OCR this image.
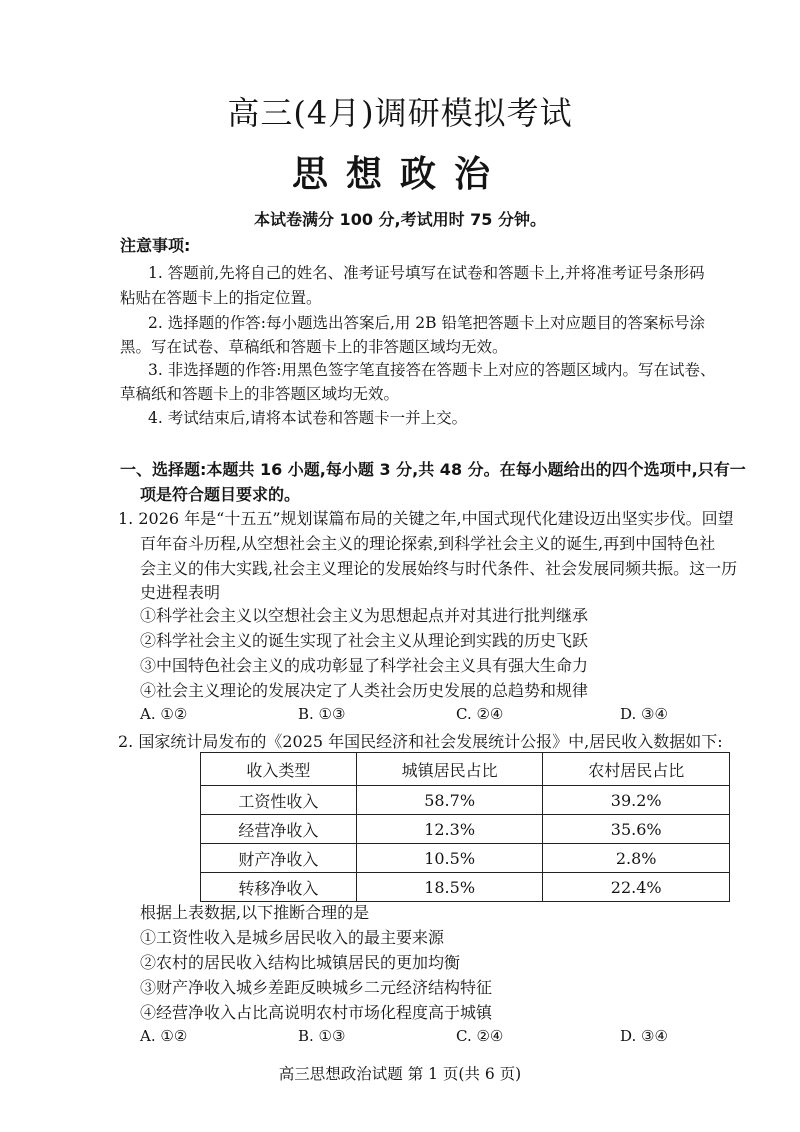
高三(4月)调研模拟考试
思想政治
本试卷满分 100 分,考试用时 75 分钟。
注意事项:
1. 答题前,先将自己的姓名、准考证号填写在试卷和答题卡上,并将准考证号条形码
粘贴在答题卡上的指定位置。
2. 选择题的作答:每小题选出答案后,用 2B 铅笔把答题卡上对应题目的答案标号涂
黑。写在试卷、草稿纸和答题卡上的非答题区域均无效。
3. 非选择题的作答:用黑色签字笔直接答在答题卡上对应的答题区域内。写在试卷、
草稿纸和答题卡上的非答题区域均无效。
4. 考试结束后,请将本试卷和答题卡一并上交。
一、选择题:本题共 16 小题,每小题 3 分,共 48 分。在每小题给出的四个选项中,只有一
项是符合题目要求的。
1. 2026 年是“十五五”规划谋篇布局的关键之年,中国式现代化建设迈出坚实步伐。回望
百年奋斗历程,从空想社会主义的理论探索,到科学社会主义的诞生,再到中国特色社
会主义的伟大实践,社会主义理论的发展始终与时代条件、社会发展同频共振。这一历
史进程表明
①科学社会主义以空想社会主义为思想起点并对其进行批判继承
②科学社会主义的诞生实现了社会主义从理论到实践的历史飞跃
③中国特色社会主义的成功彰显了科学社会主义具有强大生命力
④社会主义理论的发展决定了人类社会历史发展的总趋势和规律
A. ①②	B. ①③	C. ②④	D. ③④
2. 国家统计局发布的《2025 年国民经济和社会发展统计公报》中,居民收入数据如下:
收入类型	城镇居民占比	农村居民占比
工资性收入	58.7%	39.2%
经营净收入	12.3%	35.6%
财产净收入	10.5%	2.8%
转移净收入	18.5%	22.4%
根据上表数据,以下推断合理的是
①工资性收入是城乡居民收入的最主要来源
②农村的居民收入结构比城镇居民的更加均衡
③财产净收入城乡差距反映城乡二元经济结构特征
④经营净收入占比高说明农村市场化程度高于城镇
A. ①②	B. ①③	C. ②④	D. ③④
高三思想政治试题 第 1 页(共 6 页)
